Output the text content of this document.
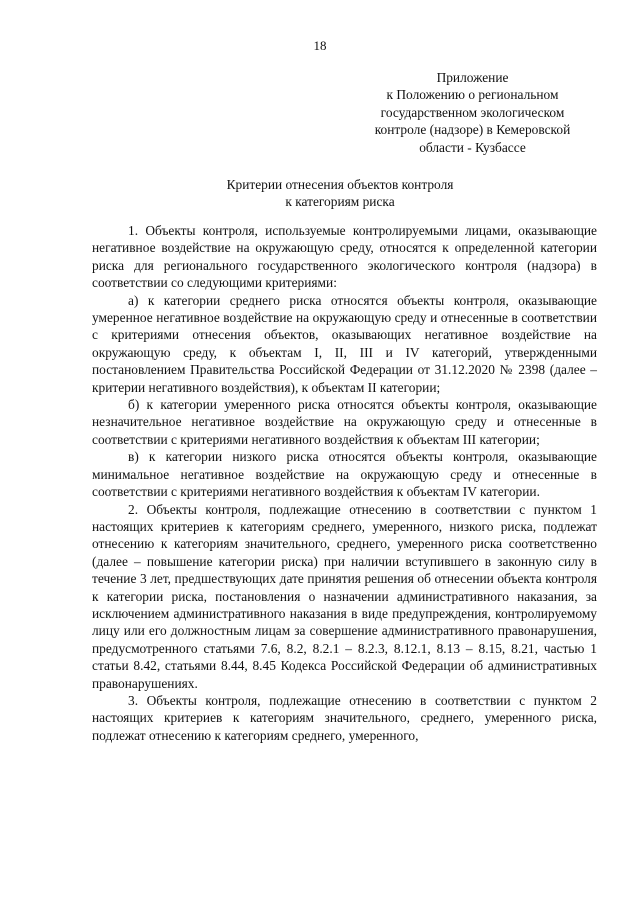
18
Приложение
к Положению о региональном
государственном экологическом
контроле (надзоре) в Кемеровской
области - Кузбассе
Критерии отнесения объектов контроля
к категориям риска

1. Объекты контроля, используемые контролируемыми лицами, оказывающие негативное воздействие на окружающую среду, относятся к определенной категории риска для регионального государственного экологического контроля (надзора) в соответствии со следующими критериями:

а) к категории среднего риска относятся объекты контроля, оказывающие умеренное негативное воздействие на окружающую среду и отнесенные в соответствии с критериями отнесения объектов, оказывающих негативное воздействие на окружающую среду, к объектам I, II, III и IV категорий, утвержденными постановлением Правительства Российской Федерации от 31.12.2020 № 2398 (далее – критерии негативного воздействия), к объектам II категории;

б) к категории умеренного риска относятся объекты контроля, оказывающие незначительное негативное воздействие на окружающую среду и отнесенные в соответствии с критериями негативного воздействия к объектам III категории;

в) к категории низкого риска относятся объекты контроля, оказывающие минимальное негативное воздействие на окружающую среду и отнесенные в соответствии с критериями негативного воздействия к объектам IV категории.

2. Объекты контроля, подлежащие отнесению в соответствии с пунктом 1 настоящих критериев к категориям среднего, умеренного, низкого риска, подлежат отнесению к категориям значительного, среднего, умеренного риска соответственно (далее – повышение категории риска) при наличии вступившего в законную силу в течение 3 лет, предшествующих дате принятия решения об отнесении объекта контроля к категории риска, постановления о назначении административного наказания, за исключением административного наказания в виде предупреждения, контролируемому лицу или его должностным лицам за совершение административного правонарушения, предусмотренного статьями 7.6, 8.2, 8.2.1 – 8.2.3, 8.12.1, 8.13 – 8.15, 8.21, частью 1 статьи 8.42, статьями 8.44, 8.45 Кодекса Российской Федерации об административных правонарушениях.

3. Объекты контроля, подлежащие отнесению в соответствии с пунктом 2 настоящих критериев к категориям значительного, среднего, умеренного риска, подлежат отнесению к категориям среднего, умеренного,
